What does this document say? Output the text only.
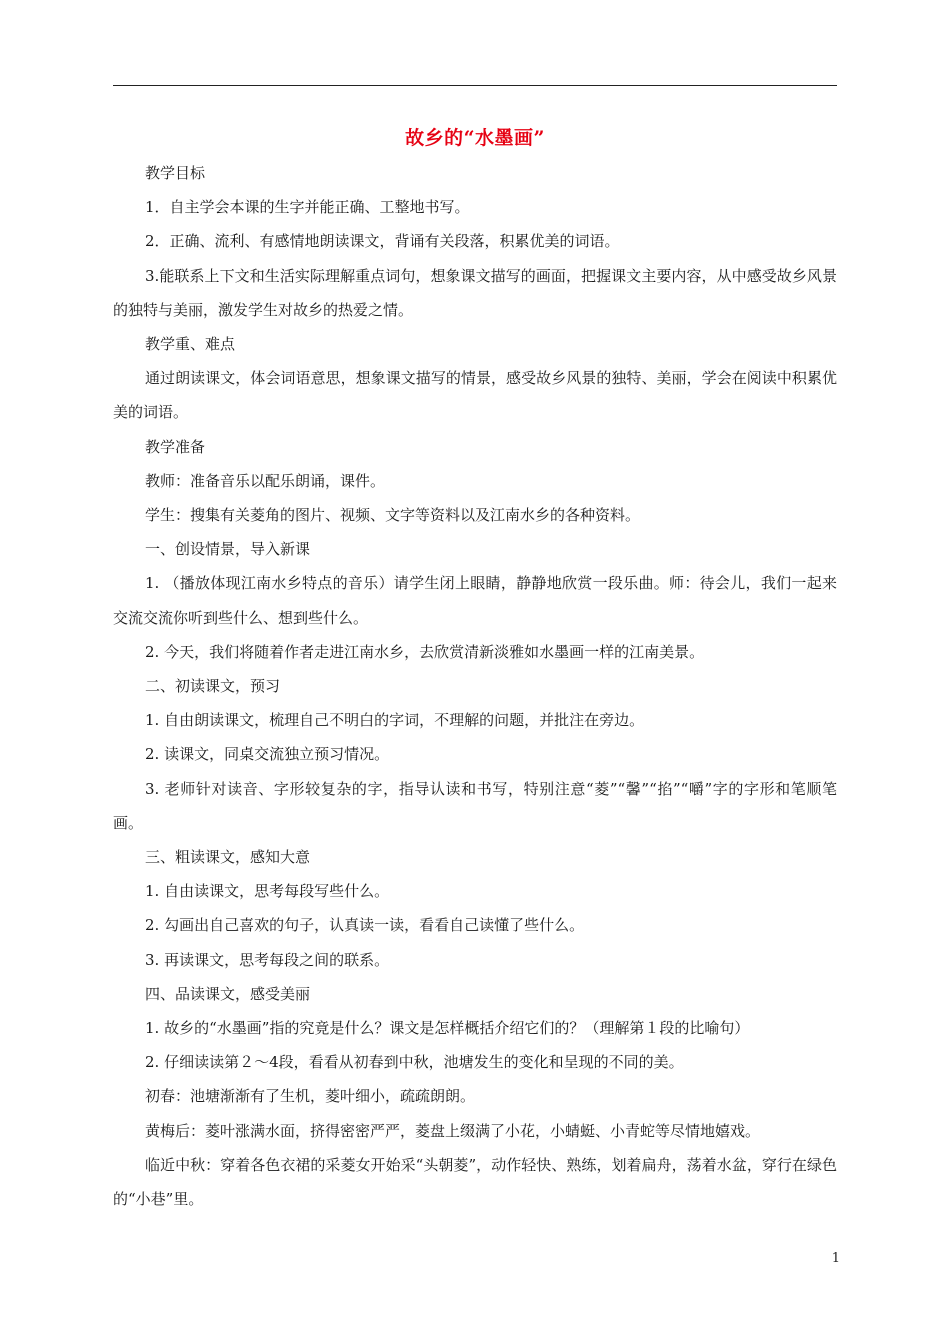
故乡的“水墨画”

教学目标

1．自主学会本课的生字并能正确、工整地书写。

2．正确、流利、有感情地朗读课文，背诵有关段落，积累优美的词语。

3.能联系上下文和生活实际理解重点词句，想象课文描写的画面，把握课文主要内容，从中感受故乡风景的独特与美丽，激发学生对故乡的热爱之情。

教学重、难点

通过朗读课文，体会词语意思，想象课文描写的情景，感受故乡风景的独特、美丽，学会在阅读中积累优美的词语。

教学准备

教师：准备音乐以配乐朗诵，课件。

学生：搜集有关菱角的图片、视频、文字等资料以及江南水乡的各种资料。

一、创设情景，导入新课

1. （播放体现江南水乡特点的音乐）请学生闭上眼睛，静静地欣赏一段乐曲。师：待会儿，我们一起来交流交流你听到些什么、想到些什么。

2. 今天，我们将随着作者走进江南水乡，去欣赏清新淡雅如水墨画一样的江南美景。

二、初读课文，预习

1. 自由朗读课文，梳理自己不明白的字词，不理解的问题，并批注在旁边。

2. 读课文，同桌交流独立预习情况。

3. 老师针对读音、字形较复杂的字，指导认读和书写，特别注意“菱”“馨”“掐”“嚼”字的字形和笔顺笔画。

三、粗读课文，感知大意

1. 自由读课文，思考每段写些什么。

2. 勾画出自己喜欢的句子，认真读一读，看看自己读懂了些什么。

3. 再读课文，思考每段之间的联系。

四、品读课文，感受美丽

1. 故乡的“水墨画”指的究竟是什么？课文是怎样概括介绍它们的？（理解第１段的比喻句）

2. 仔细读读第２～4段，看看从初春到中秋，池塘发生的变化和呈现的不同的美。

初春：池塘渐渐有了生机，菱叶细小，疏疏朗朗。

黄梅后：菱叶涨满水面，挤得密密严严，菱盘上缀满了小花，小蜻蜓、小青蛇等尽情地嬉戏。

临近中秋：穿着各色衣裙的采菱女开始采“头朝菱”，动作轻快、熟练，划着扁舟，荡着水盆，穿行在绿色的“小巷”里。

1
